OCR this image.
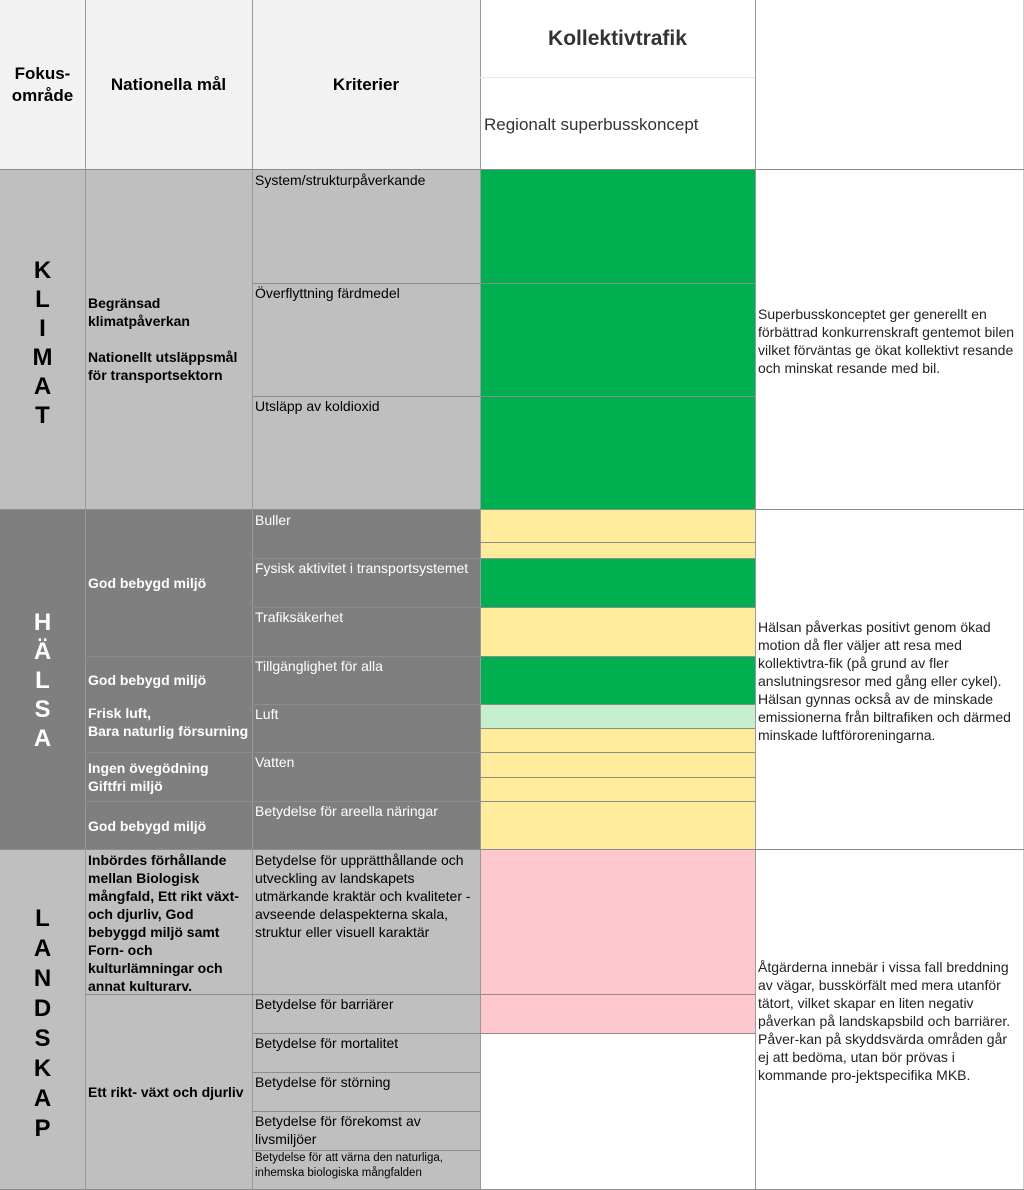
Fokus-
område
Nationella mål	Kriterier
Kollektivtrafik
Regionalt superbusskoncept
K
L
I
M
A
T
Begränsad klimatpåverkan

Nationellt utsläppsmål för transportsektorn
System/strukturpåverkande
Överflyttning färdmedel
Utsläpp av koldioxid
Superbusskonceptet ger generellt en förbättrad konkurrenskraft gentemot bilen vilket förväntas ge ökat kollektivt resande och minskat resande med bil.
H
Ä
L
S
A
God bebygd miljö
God bebygd miljö
Frisk luft,
Bara naturlig försurning
Ingen övegödning
Giftfri miljö
God bebygd miljö
Buller
Fysisk aktivitet i transportsystemet
Trafiksäkerhet
Tillgänglighet för alla
Luft
Vatten
Betydelse för areella näringar
Hälsan påverkas positivt genom ökad motion då fler väljer att resa med kollektivtra-fik (på grund av fler anslutningsresor med gång eller cykel). Hälsan gynnas också av de minskade emissionerna från biltrafiken och därmed minskade luftföroreningarna.
L
A
N
D
S
K
A
P
Inbördes förhållande mellan Biologisk mångfald, Ett rikt växt- och djurliv, God bebyggd miljö samt Forn- och kulturlämningar och annat kulturarv.
Ett rikt- växt och djurliv
Betydelse för upprätthållande och utveckling av landskapets utmärkande kraktär och kvaliteter - avseende delaspekterna skala, struktur eller visuell karaktär
Betydelse för barriärer
Betydelse för mortalitet
Betydelse för störning
Betydelse för förekomst av livsmiljöer
Betydelse för att värna den naturliga, inhemska biologiska mångfalden
Åtgärderna innebär i vissa fall breddning av vägar, busskörfält med mera utanför tätort, vilket skapar en liten negativ påverkan på landskapsbild och barriärer. Påver-kan på skyddsvärda områden går ej att bedöma, utan bör prövas i kommande pro-jektspecifika MKB.
